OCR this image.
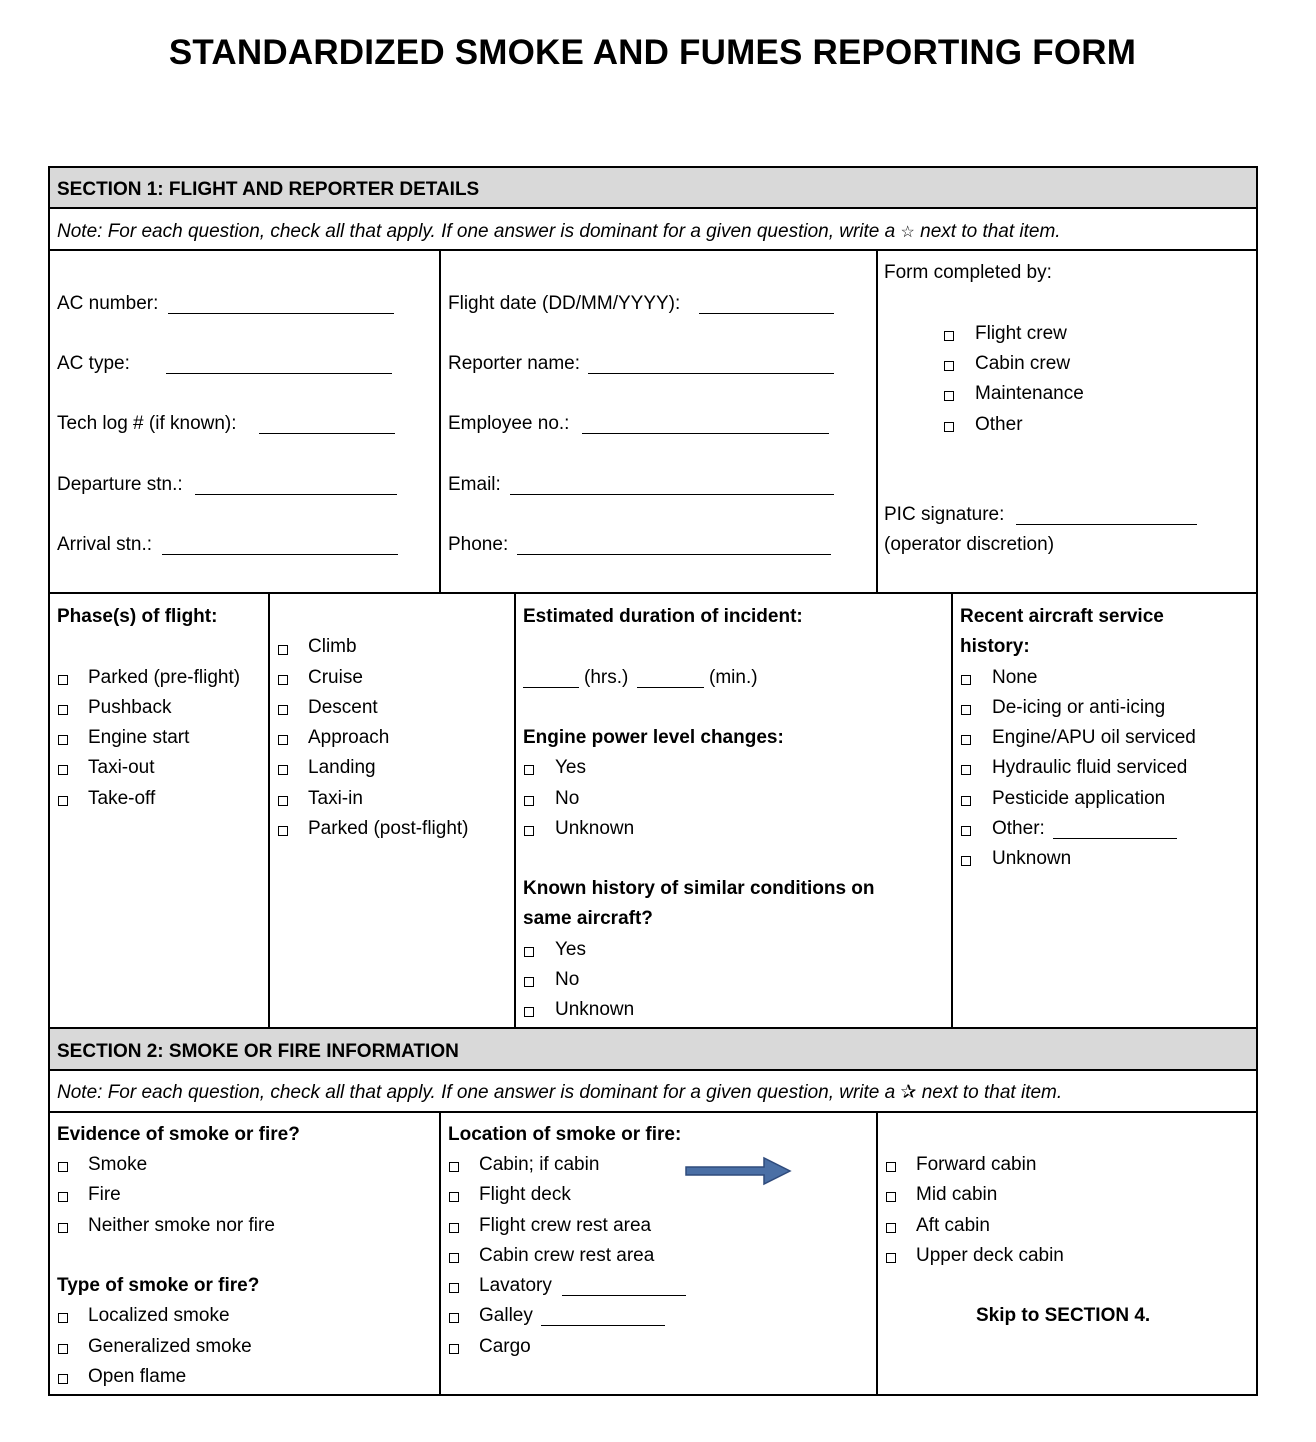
STANDARDIZED SMOKE AND FUMES REPORTING FORM
SECTION 1: FLIGHT AND REPORTER DETAILS
Note: For each question, check all that apply. If one answer is dominant for a given question, write a ☆ next to that item.
AC number:
AC type:
Tech log # (if known):
Departure stn.:
Arrival stn.:
Flight date (DD/MM/YYYY):
Reporter name:
Employee no.:
Email:
Phone:
Form completed by:
Flight crew
Cabin crew
Maintenance
Other
PIC signature:
(operator discretion)
Phase(s) of flight:
Parked (pre-flight)
Pushback
Engine start
Taxi-out
Take-off
Climb
Cruise
Descent
Approach
Landing
Taxi-in
Parked (post-flight)
Estimated duration of incident:
(hrs.)	(min.)
Engine power level changes:
Yes
No
Unknown
Known history of similar conditions on
same aircraft?
Yes
No
Unknown
Recent aircraft service
history:
None
De-icing or anti-icing
Engine/APU oil serviced
Hydraulic fluid serviced
Pesticide application
Other:
Unknown
SECTION 2: SMOKE OR FIRE INFORMATION
Note: For each question, check all that apply. If one answer is dominant for a given question, write a ✰ next to that item.
Evidence of smoke or fire?
Smoke
Fire
Neither smoke nor fire
Type of smoke or fire?
Localized smoke
Generalized smoke
Open flame
Location of smoke or fire:
Cabin; if cabin
Flight deck
Flight crew rest area
Cabin crew rest area
Lavatory
Galley
Cargo
Forward cabin
Mid cabin
Aft cabin
Upper deck cabin
Skip to SECTION 4.
